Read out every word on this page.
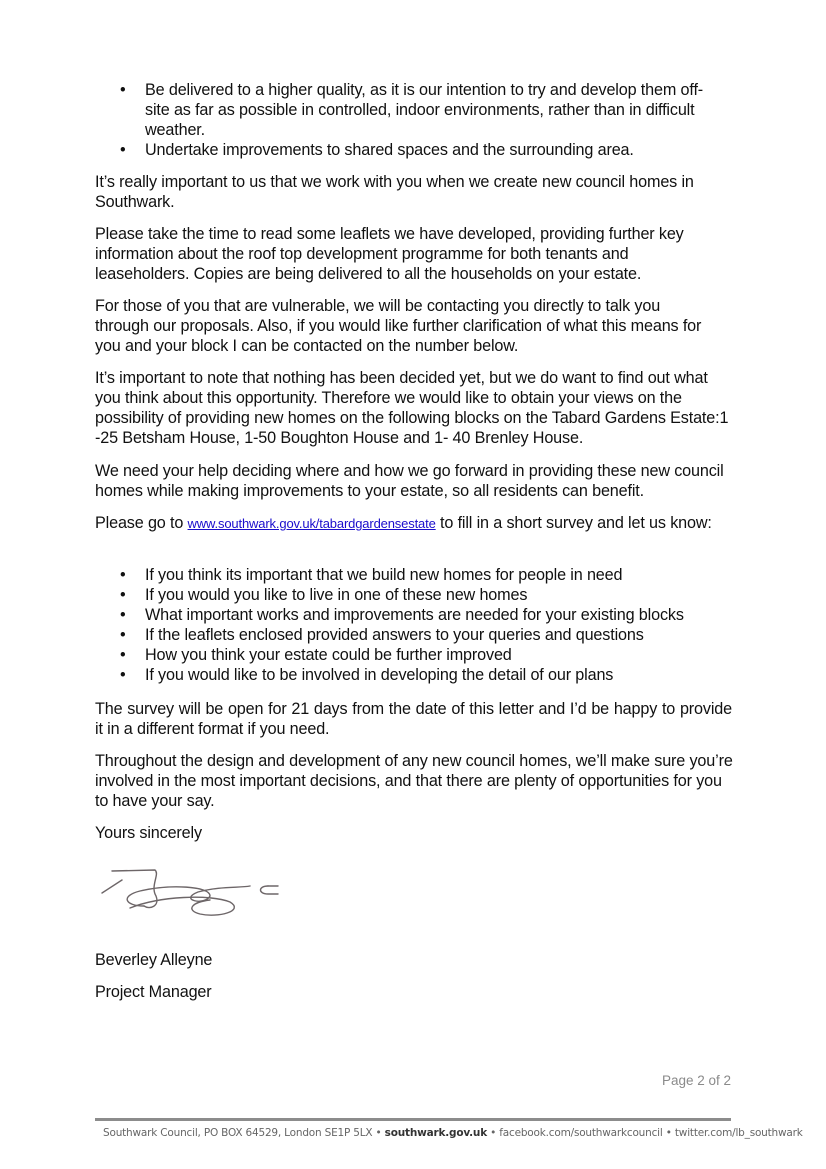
• Be delivered to a higher quality, as it is our intention to try and develop them off-site as far as possible in controlled, indoor environments, rather than in difficult weather.
• Undertake improvements to shared spaces and the surrounding area.

It’s really important to us that we work with you when we create new council homes in Southwark.

Please take the time to read some leaflets we have developed, providing further key information about the roof top development programme for both tenants and leaseholders. Copies are being delivered to all the households on your estate.

For those of you that are vulnerable, we will be contacting you directly to talk you through our proposals. Also, if you would like further clarification of what this means for you and your block I can be contacted on the number below.

It’s important to note that nothing has been decided yet, but we do want to find out what you think about this opportunity. Therefore we would like to obtain your views on the possibility of providing new homes on the following blocks on the Tabard Gardens Estate:1 -25 Betsham House, 1-50 Boughton House and 1- 40 Brenley House.

We need your help deciding where and how we go forward in providing these new council homes while making improvements to your estate, so all residents can benefit.

Please go to www.southwark.gov.uk/tabardgardensestate to fill in a short survey and let us know:

• If you think its important that we build new homes for people in need
• If you would you like to live in one of these new homes
• What important works and improvements are needed for your existing blocks
• If the leaflets enclosed provided answers to your queries and questions
• How you think your estate could be further improved
• If you would like to be involved in developing the detail of our plans

The survey will be open for 21 days from the date of this letter and I’d be happy to provide it in a different format if you need.

Throughout the design and development of any new council homes, we’ll make sure you’re involved in the most important decisions, and that there are plenty of opportunities for you to have your say.

Yours sincerely

Beverley Alleyne

Project Manager

Page 2 of 2
Southwark Council, PO BOX 64529, London SE1P 5LX • southwark.gov.uk • facebook.com/southwarkcouncil • twitter.com/lb_southwark
